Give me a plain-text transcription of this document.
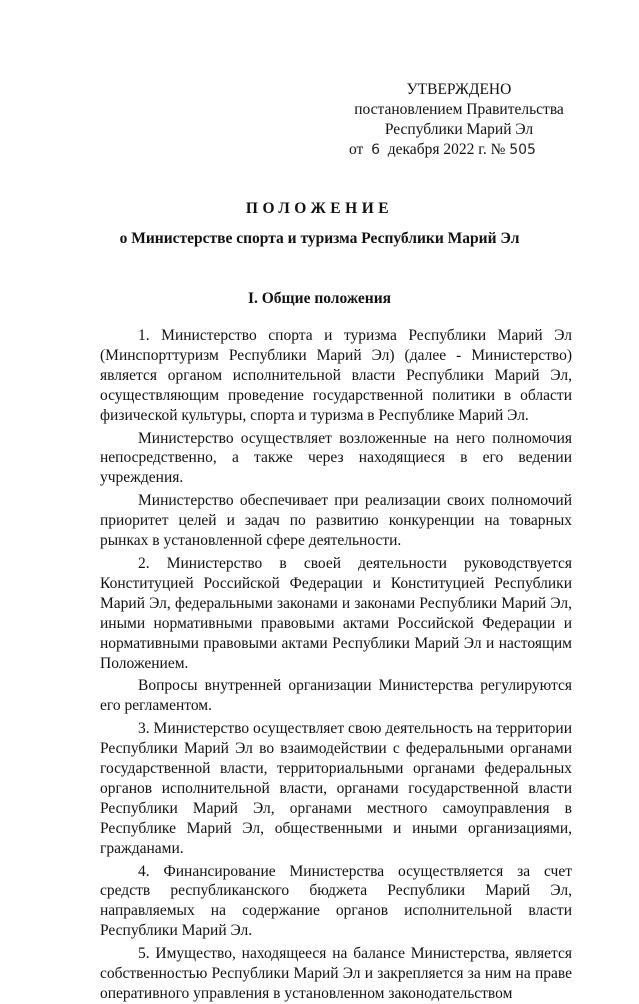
УТВЕРЖДЕНО
постановлением Правительства
Республики Марий Эл
от 6 декабря 2022 г. № 505
ПОЛОЖЕНИЕ
о Министерстве спорта и туризма Республики Марий Эл
I. Общие положения

1. Министерство спорта и туризма Республики Марий Эл (Минспорттуризм Республики Марий Эл) (далее - Министерство) является органом исполнительной власти Республики Марий Эл, осуществляющим проведение государственной политики в области физической культуры, спорта и туризма в Республике Марий Эл.

Министерство осуществляет возложенные на него полномочия непосредственно, а также через находящиеся в его ведении учреждения.

Министерство обеспечивает при реализации своих полномочий приоритет целей и задач по развитию конкуренции на товарных рынках в установленной сфере деятельности.

2. Министерство в своей деятельности руководствуется Конституцией Российской Федерации и Конституцией Республики Марий Эл, федеральными законами и законами Республики Марий Эл, иными нормативными правовыми актами Российской Федерации и нормативными правовыми актами Республики Марий Эл и настоящим Положением.

Вопросы внутренней организации Министерства регулируются его регламентом.

3. Министерство осуществляет свою деятельность на территории Республики Марий Эл во взаимодействии с федеральными органами государственной власти, территориальными органами федеральных органов исполнительной власти, органами государственной власти Республики Марий Эл, органами местного самоуправления в Республике Марий Эл, общественными и иными организациями, гражданами.

4. Финансирование Министерства осуществляется за счет средств республиканского бюджета Республики Марий Эл, направляемых на содержание органов исполнительной власти Республики Марий Эл.

5. Имущество, находящееся на балансе Министерства, является собственностью Республики Марий Эл и закрепляется за ним на праве оперативного управления в установленном законодательством
